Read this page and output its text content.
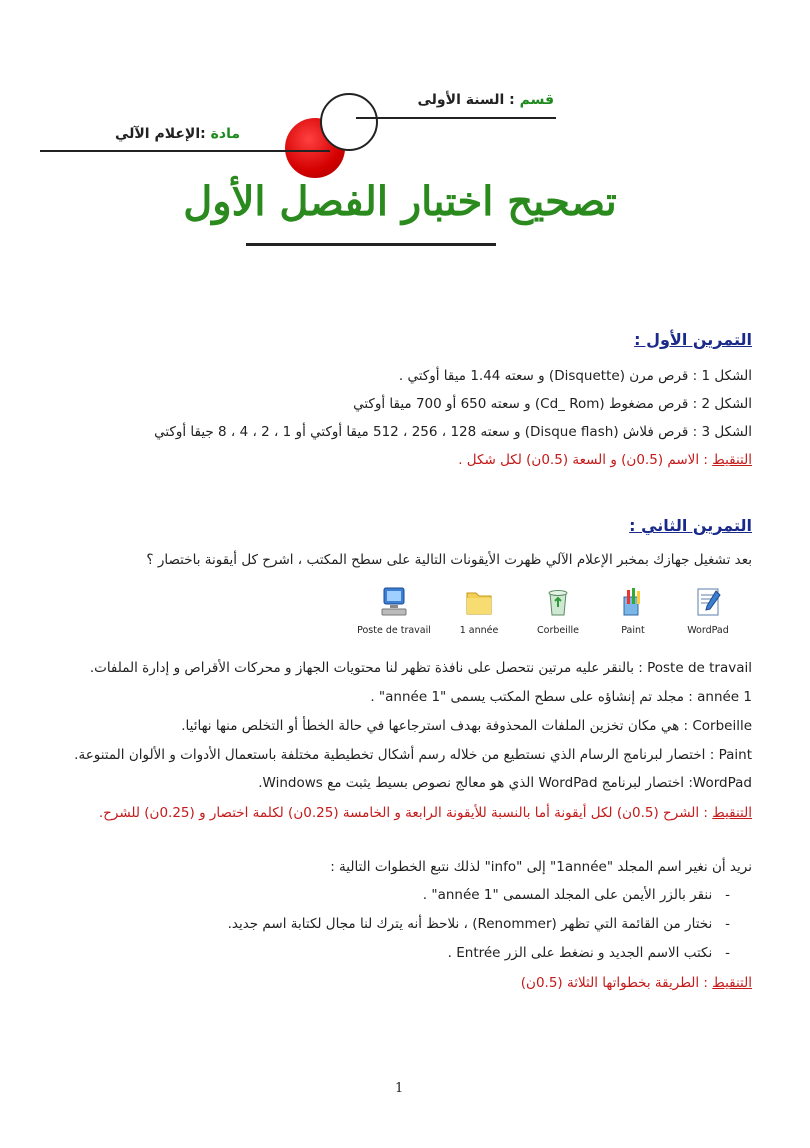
قسم : السنة الأولى
مادة :الإعلام الآلي
تصحيح اختبار الفصل الأول
التمرين الأول :
الشكل 1 : قرص مرن (Disquette) و سعته 1.44 ميقا أوكتي .
الشكل 2 : قرص مضغوط (Cd_ Rom) و سعته 650 أو 700 ميقا أوكتي
الشكل 3 : قرص فلاش (Disque flash) و سعته 128 ، 256 ، 512 ميقا أوكتي أو 1 ، 2 ، 4 ، 8 جيقا أوكتي
التنقيط : الاسم (0.5ن) و السعة (0.5ن) لكل شكل .
التمرين الثاني :
بعد تشغيل جهازك بمخبر الإعلام الآلي ظهرت الأيقونات التالية على سطح المكتب ، اشرح كل أيقونة باختصار ؟
Poste de travail	1 année	Corbeille	Paint	WordPad
Poste de travail : بالنقر عليه مرتين نتحصل على نافذة تظهر لنا محتويات الجهاز و محركات الأقراص و إدارة الملفات.
1 année : مجلد تم إنشاؤه على سطح المكتب يسمى "1 année" .
Corbeille : هي مكان تخزين الملفات المحذوفة بهدف استرجاعها في حالة الخطأ أو التخلص منها نهائيا.
Paint : اختصار لبرنامج الرسام الذي نستطيع من خلاله رسم أشكال تخطيطية مختلفة باستعمال الأدوات و الألوان المتنوعة.
WordPad: اختصار لبرنامج WordPad الذي هو معالج نصوص بسيط يثبت مع Windows.
التنقيط : الشرح (0.5ن) لكل أيقونة أما بالنسبة للأيقونة الرابعة و الخامسة (0.25ن) لكلمة اختصار و (0.25ن) للشرح.
نريد أن نغير اسم المجلد "1année" إلى "info" لذلك نتبع الخطوات التالية :
-   ننقر بالزر الأيمن على المجلد المسمى "1 année" .
-   نختار من القائمة التي تظهر (Renommer) ، نلاحظ أنه يترك لنا مجال لكتابة اسم جديد.
-   نكتب الاسم الجديد و نضغط على الزر Entrée .
التنقيط : الطريقة بخطواتها الثلاثة (0.5ن)
1
